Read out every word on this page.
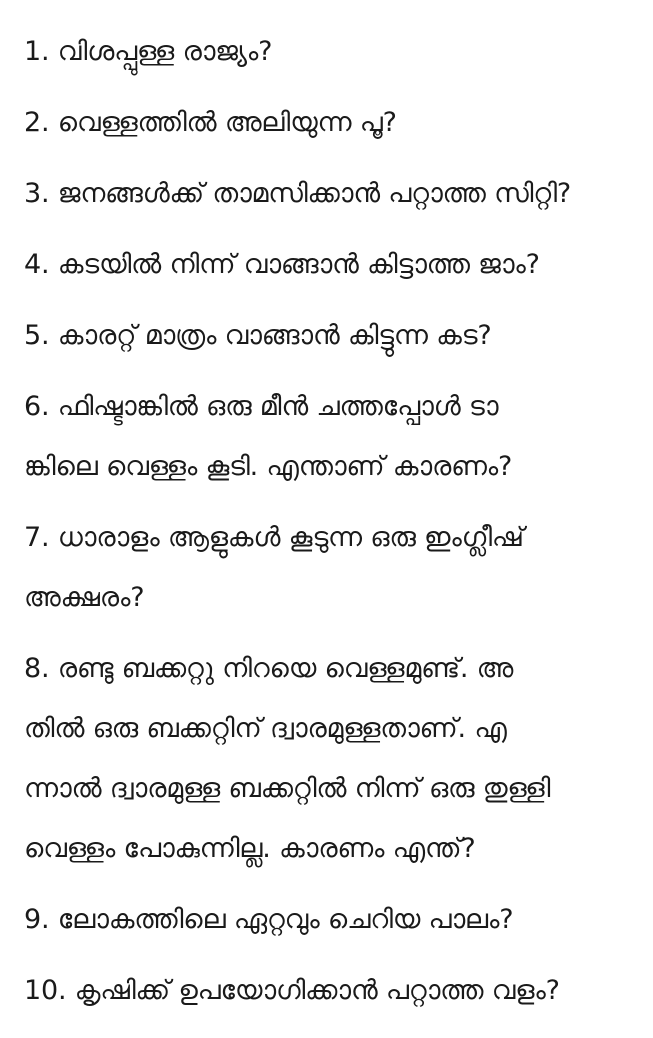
1. വിശപ്പുള്ള രാജ്യം?
2. വെള്ളത്തിൽ അലിയുന്ന പൂ?
3. ജനങ്ങൾക്ക് താമസിക്കാൻ പറ്റാത്ത സിറ്റി?
4. കടയിൽ നിന്ന് വാങ്ങാൻ കിട്ടാത്ത ജാം?
5. കാരറ്റ് മാത്രം വാങ്ങാൻ കിട്ടുന്ന കട?
6. ഫിഷ്ടാങ്കിൽ ഒരു മീൻ ചത്തപ്പോൾ ടാ
ങ്കിലെ വെള്ളം കൂടി. എന്താണ് കാരണം?
7. ധാരാളം ആളുകൾ കൂടുന്ന ഒരു ഇംഗ്ലീഷ്
അക്ഷരം?
8. രണ്ടു ബക്കറ്റു നിറയെ വെള്ളമുണ്ട്. അ
തിൽ ഒരു ബക്കറ്റിന് ദ്വാരമുള്ളതാണ്. എ
ന്നാൽ ദ്വാരമുള്ള ബക്കറ്റിൽ നിന്ന് ഒരു തുള്ളി
വെള്ളം പോകുന്നില്ല. കാരണം എന്ത്?
9. ലോകത്തിലെ ഏറ്റവും ചെറിയ പാലം?
10. കൃഷിക്ക് ഉപയോഗിക്കാൻ പറ്റാത്ത വളം?
